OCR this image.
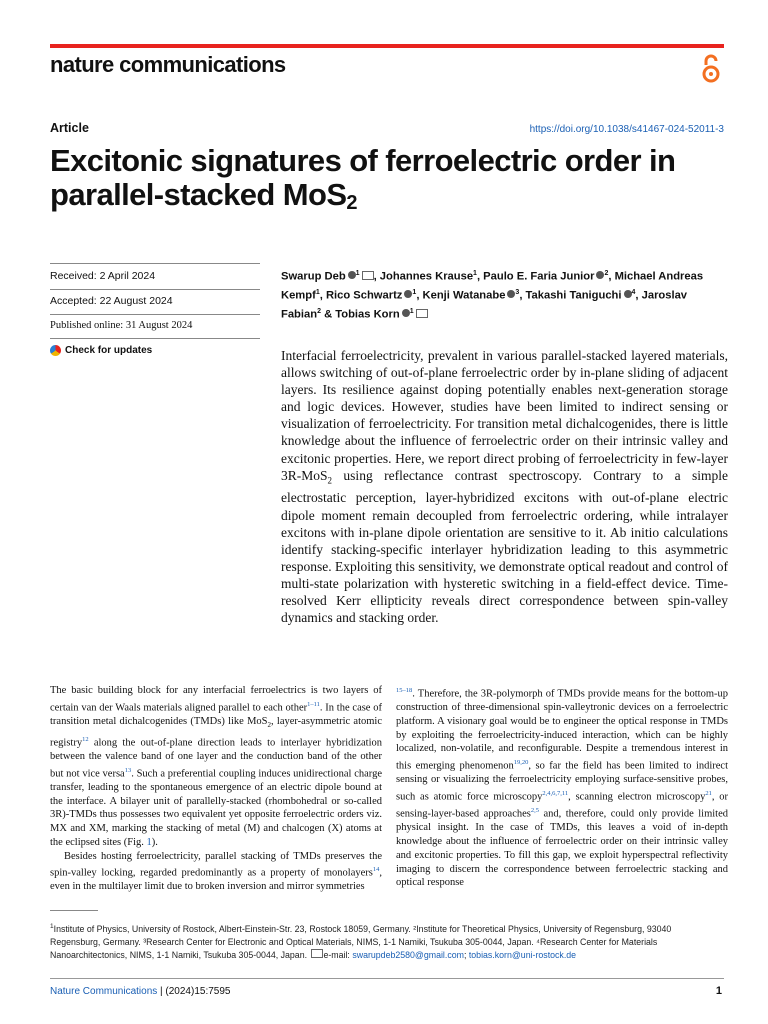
nature communications
Article	https://doi.org/10.1038/s41467-024-52011-3
Excitonic signatures of ferroelectric order in parallel-stacked MoS$_2$
Received: 2 April 2024
Accepted: 22 August 2024
Published online: 31 August 2024
Check for updates
Swarup Deb $^1$ , Johannes Krause$^1$, Paulo E. Faria Junior $^2$, Michael Andreas Kempf$^1$, Rico Schwartz $^1$, Kenji Watanabe $^3$, Takashi Taniguchi $^4$, Jaroslav Fabian$^2$ & Tobias Korn $^1$

Interfacial ferroelectricity, prevalent in various parallel-stacked layered materials, allows switching of out-of-plane ferroelectric order by in-plane sliding of adjacent layers. Its resilience against doping potentially enables next-generation storage and logic devices. However, studies have been limited to indirect sensing or visualization of ferroelectricity. For transition metal dichalcogenides, there is little knowledge about the influence of ferroelectric order on their intrinsic valley and excitonic properties. Here, we report direct probing of ferroelectricity in few-layer 3R-MoS$_2$ using reflectance contrast spectroscopy. Contrary to a simple electrostatic perception, layer-hybridized excitons with out-of-plane electric dipole moment remain decoupled from ferroelectric ordering, while intralayer excitons with in-plane dipole orientation are sensitive to it. Ab initio calculations identify stacking-specific interlayer hybridization leading to this asymmetric response. Exploiting this sensitivity, we demonstrate optical readout and control of multi-state polarization with hysteretic switching in a field-effect device. Time-resolved Kerr ellipticity reveals direct correspondence between spin-valley dynamics and stacking order.

The basic building block for any interfacial ferroelectrics is two layers of certain van der Waals materials aligned parallel to each other$^{1-11}$. In the case of transition metal dichalcogenides (TMDs) like MoS$_2$, layer-asymmetric atomic registry$^{12}$ along the out-of-plane direction leads to interlayer hybridization between the valence band of one layer and the conduction band of the other but not vice versa$^{13}$. Such a preferential coupling induces unidirectional charge transfer, leading to the spontaneous emergence of an electric dipole bound at the interface. A bilayer unit of parallelly-stacked (rhombohedral or so-called 3R)-TMDs thus possesses two equivalent yet opposite ferroelectric orders viz. MX and XM, marking the stacking of metal (M) and chalcogen (X) atoms at the eclipsed sites (Fig. 1).

Besides hosting ferroelectricity, parallel stacking of TMDs preserves the spin-valley locking, regarded predominantly as a property of monolayers$^{14}$, even in the multilayer limit due to broken inversion and mirror symmetries

$^{15-18}$. Therefore, the 3R-polymorph of TMDs provide means for the bottom-up construction of three-dimensional spin-valleytronic devices on a ferroelectric platform. A visionary goal would be to engineer the optical response in TMDs by exploiting the ferroelectricity-induced interaction, which can be highly localized, non-volatile, and reconfigurable. Despite a tremendous interest in this emerging phenomenon$^{19,20}$, so far the field has been limited to indirect sensing or visualizing the ferroelectricity employing surface-sensitive probes, such as atomic force microscopy$^{2,4,6,7,11}$, scanning electron microscopy$^{21}$, or sensing-layer-based approaches$^{2,5}$ and, therefore, could only provide limited physical insight. In the case of TMDs, this leaves a void of in-depth knowledge about the influence of ferroelectric order on their intrinsic valley and excitonic properties. To fill this gap, we exploit hyperspectral reflectivity imaging to discern the correspondence between ferroelectric stacking and optical response

$^1$Institute of Physics, University of Rostock, Albert-Einstein-Str. 23, Rostock 18059, Germany. ²Institute for Theoretical Physics, University of Regensburg, 93040 Regensburg, Germany. ³Research Center for Electronic and Optical Materials, NIMS, 1-1 Namiki, Tsukuba 305-0044, Japan. ⁴Research Center for Materials Nanoarchitectonics, NIMS, 1-1 Namiki, Tsukuba 305-0044, Japan. e-mail: swarupdeb2580@gmail.com; tobias.korn@uni-rostock.de

Nature Communications | (2024)15:7595	1
